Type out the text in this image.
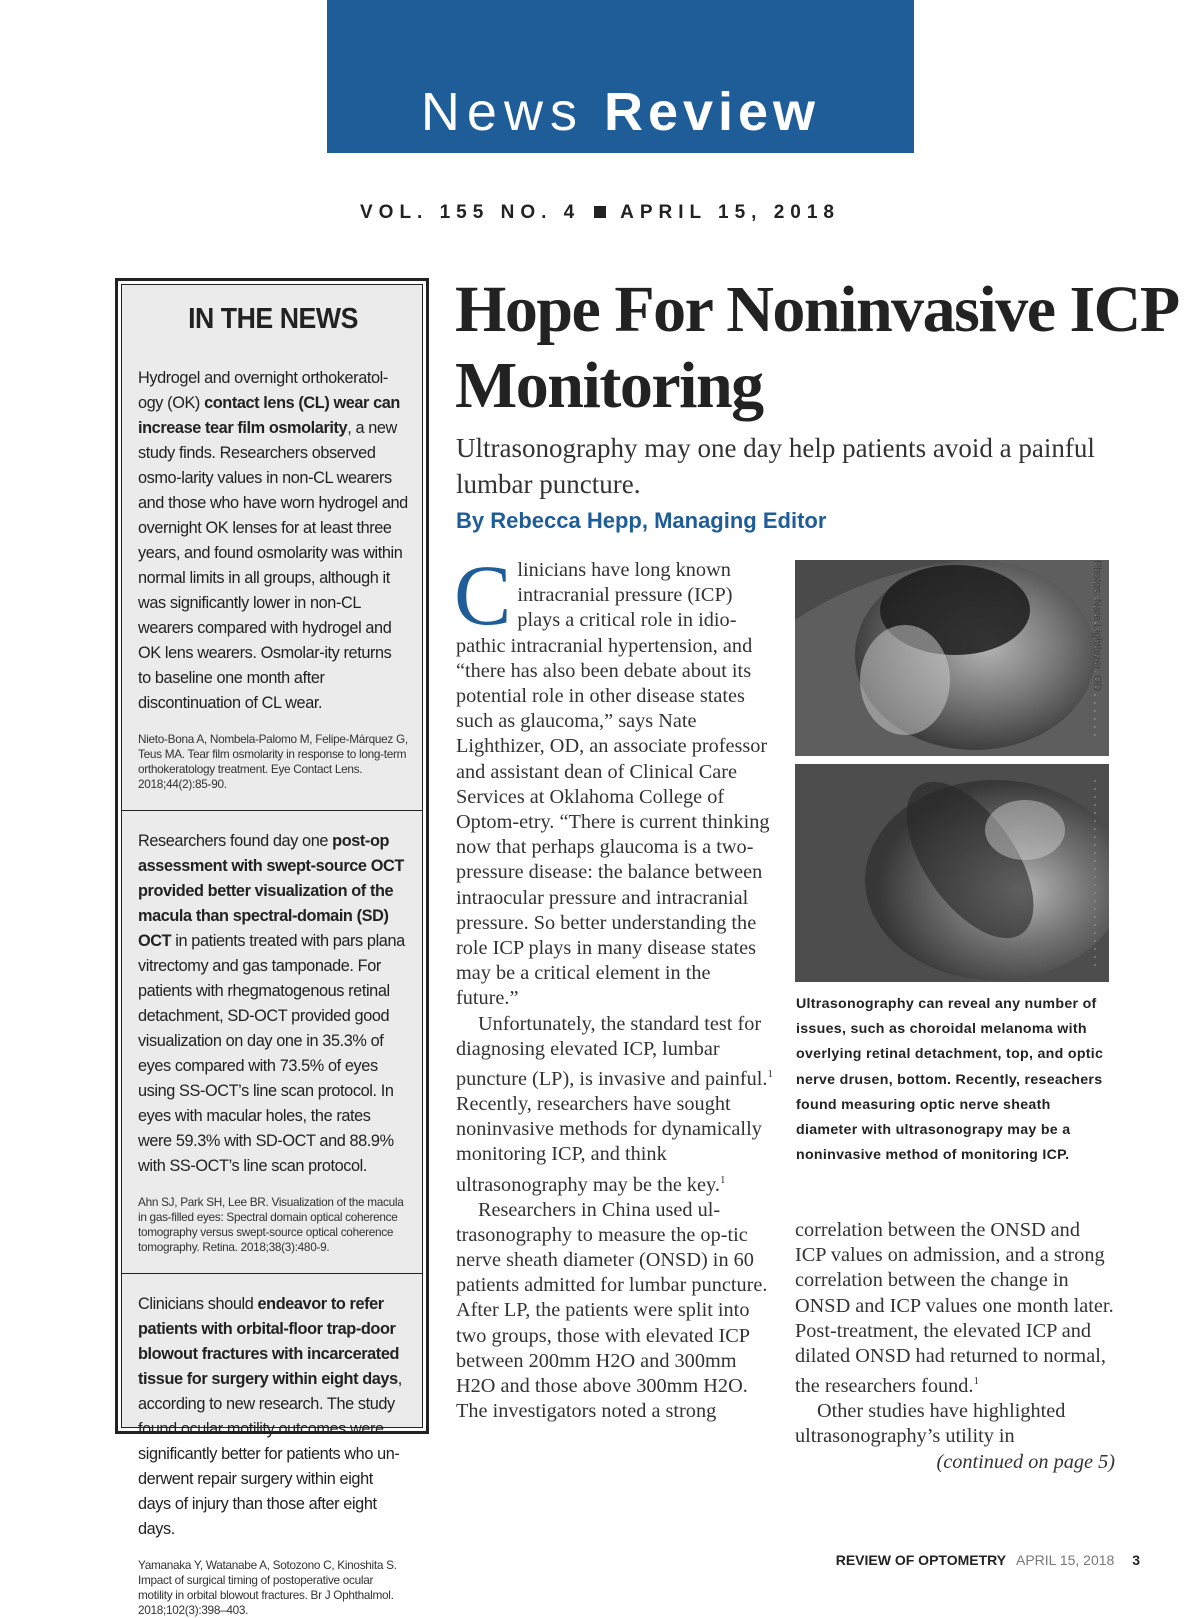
News Review
VOL. 155 NO. 4 APRIL 15, 2018
IN THE NEWS

Hydrogel and overnight orthokeratol-ogy (OK) contact lens (CL) wear can increase tear film osmolarity, a new study finds. Researchers observed osmo-larity values in non-CL wearers and those who have worn hydrogel and overnight OK lenses for at least three years, and found osmolarity was within normal limits in all groups, although it was significantly lower in non-CL wearers compared with hydrogel and OK lens wearers. Osmolar-ity returns to baseline one month after discontinuation of CL wear.

Nieto-Bona A, Nombela-Palomo M, Felipe-Márquez G, Teus MA. Tear film osmolarity in response to long-term orthokeratology treatment. Eye Contact Lens. 2018;44(2):85-90.

Researchers found day one post-op assessment with swept-source OCT provided better visualization of the macula than spectral-domain (SD) OCT in patients treated with pars plana vitrectomy and gas tamponade. For patients with rhegmatogenous retinal detachment, SD-OCT provided good visualization on day one in 35.3% of eyes compared with 73.5% of eyes using SS-OCT’s line scan protocol. In eyes with macular holes, the rates were 59.3% with SD-OCT and 88.9% with SS-OCT’s line scan protocol.

Ahn SJ, Park SH, Lee BR. Visualization of the macula in gas-filled eyes: Spectral domain optical coherence tomography versus swept-source optical coherence tomography. Retina. 2018;38(3):480-9.

Clinicians should endeavor to refer patients with orbital-floor trap-door blowout fractures with incarcerated tissue for surgery within eight days, according to new research. The study found ocular motility outcomes were significantly better for patients who un-derwent repair surgery within eight days of injury than those after eight days.

Yamanaka Y, Watanabe A, Sotozono C, Kinoshita S. Impact of surgical timing of postoperative ocular motility in orbital blowout fractures. Br J Ophthalmol. 2018;102(3):398–403.

Hope For Noninvasive ICP Monitoring

Ultrasonography may one day help patients avoid a painful lumbar puncture.

By Rebecca Hepp, Managing Editor

Clinicians have long known intracranial pressure (ICP) plays a critical role in idio-pathic intracranial hypertension, and “there has also been debate about its potential role in other disease states such as glaucoma,” says Nate Lighthizer, OD, an associate professor and assistant dean of Clinical Care Services at Oklahoma College of Optom-etry. “There is current thinking now that perhaps glaucoma is a two-pressure disease: the balance between intraocular pressure and intracranial pressure. So better understanding the role ICP plays in many disease states may be a critical element in the future.”

Unfortunately, the standard test for diagnosing elevated ICP, lumbar puncture (LP), is invasive and painful.$^1$ Recently, researchers have sought noninvasive methods for dynamically monitoring ICP, and think ultrasonography may be the key.$^1$

Researchers in China used ul-trasonography to measure the op-tic nerve sheath diameter (ONSD) in 60 patients admitted for lumbar puncture. After LP, the patients were split into two groups, those with elevated ICP between 200mm H2O and 300mm H2O and those above 300mm H2O. The investigators noted a strong

Photos: Nate Lighthizer, OD

Ultrasonography can reveal any number of issues, such as choroidal melanoma with overlying retinal detachment, top, and optic nerve drusen, bottom. Recently, reseachers found measuring optic nerve sheath diameter with ultrasonograpy may be a noninvasive method of monitoring ICP.

correlation between the ONSD and ICP values on admission, and a strong correlation between the change in ONSD and ICP values one month later. Post-treatment, the elevated ICP and dilated ONSD had returned to normal, the researchers found.$^1$

Other studies have highlighted ultrasonography’s utility in

(continued on page 5)

REVIEW OF OPTOMETRY APRIL 15, 2018 3
